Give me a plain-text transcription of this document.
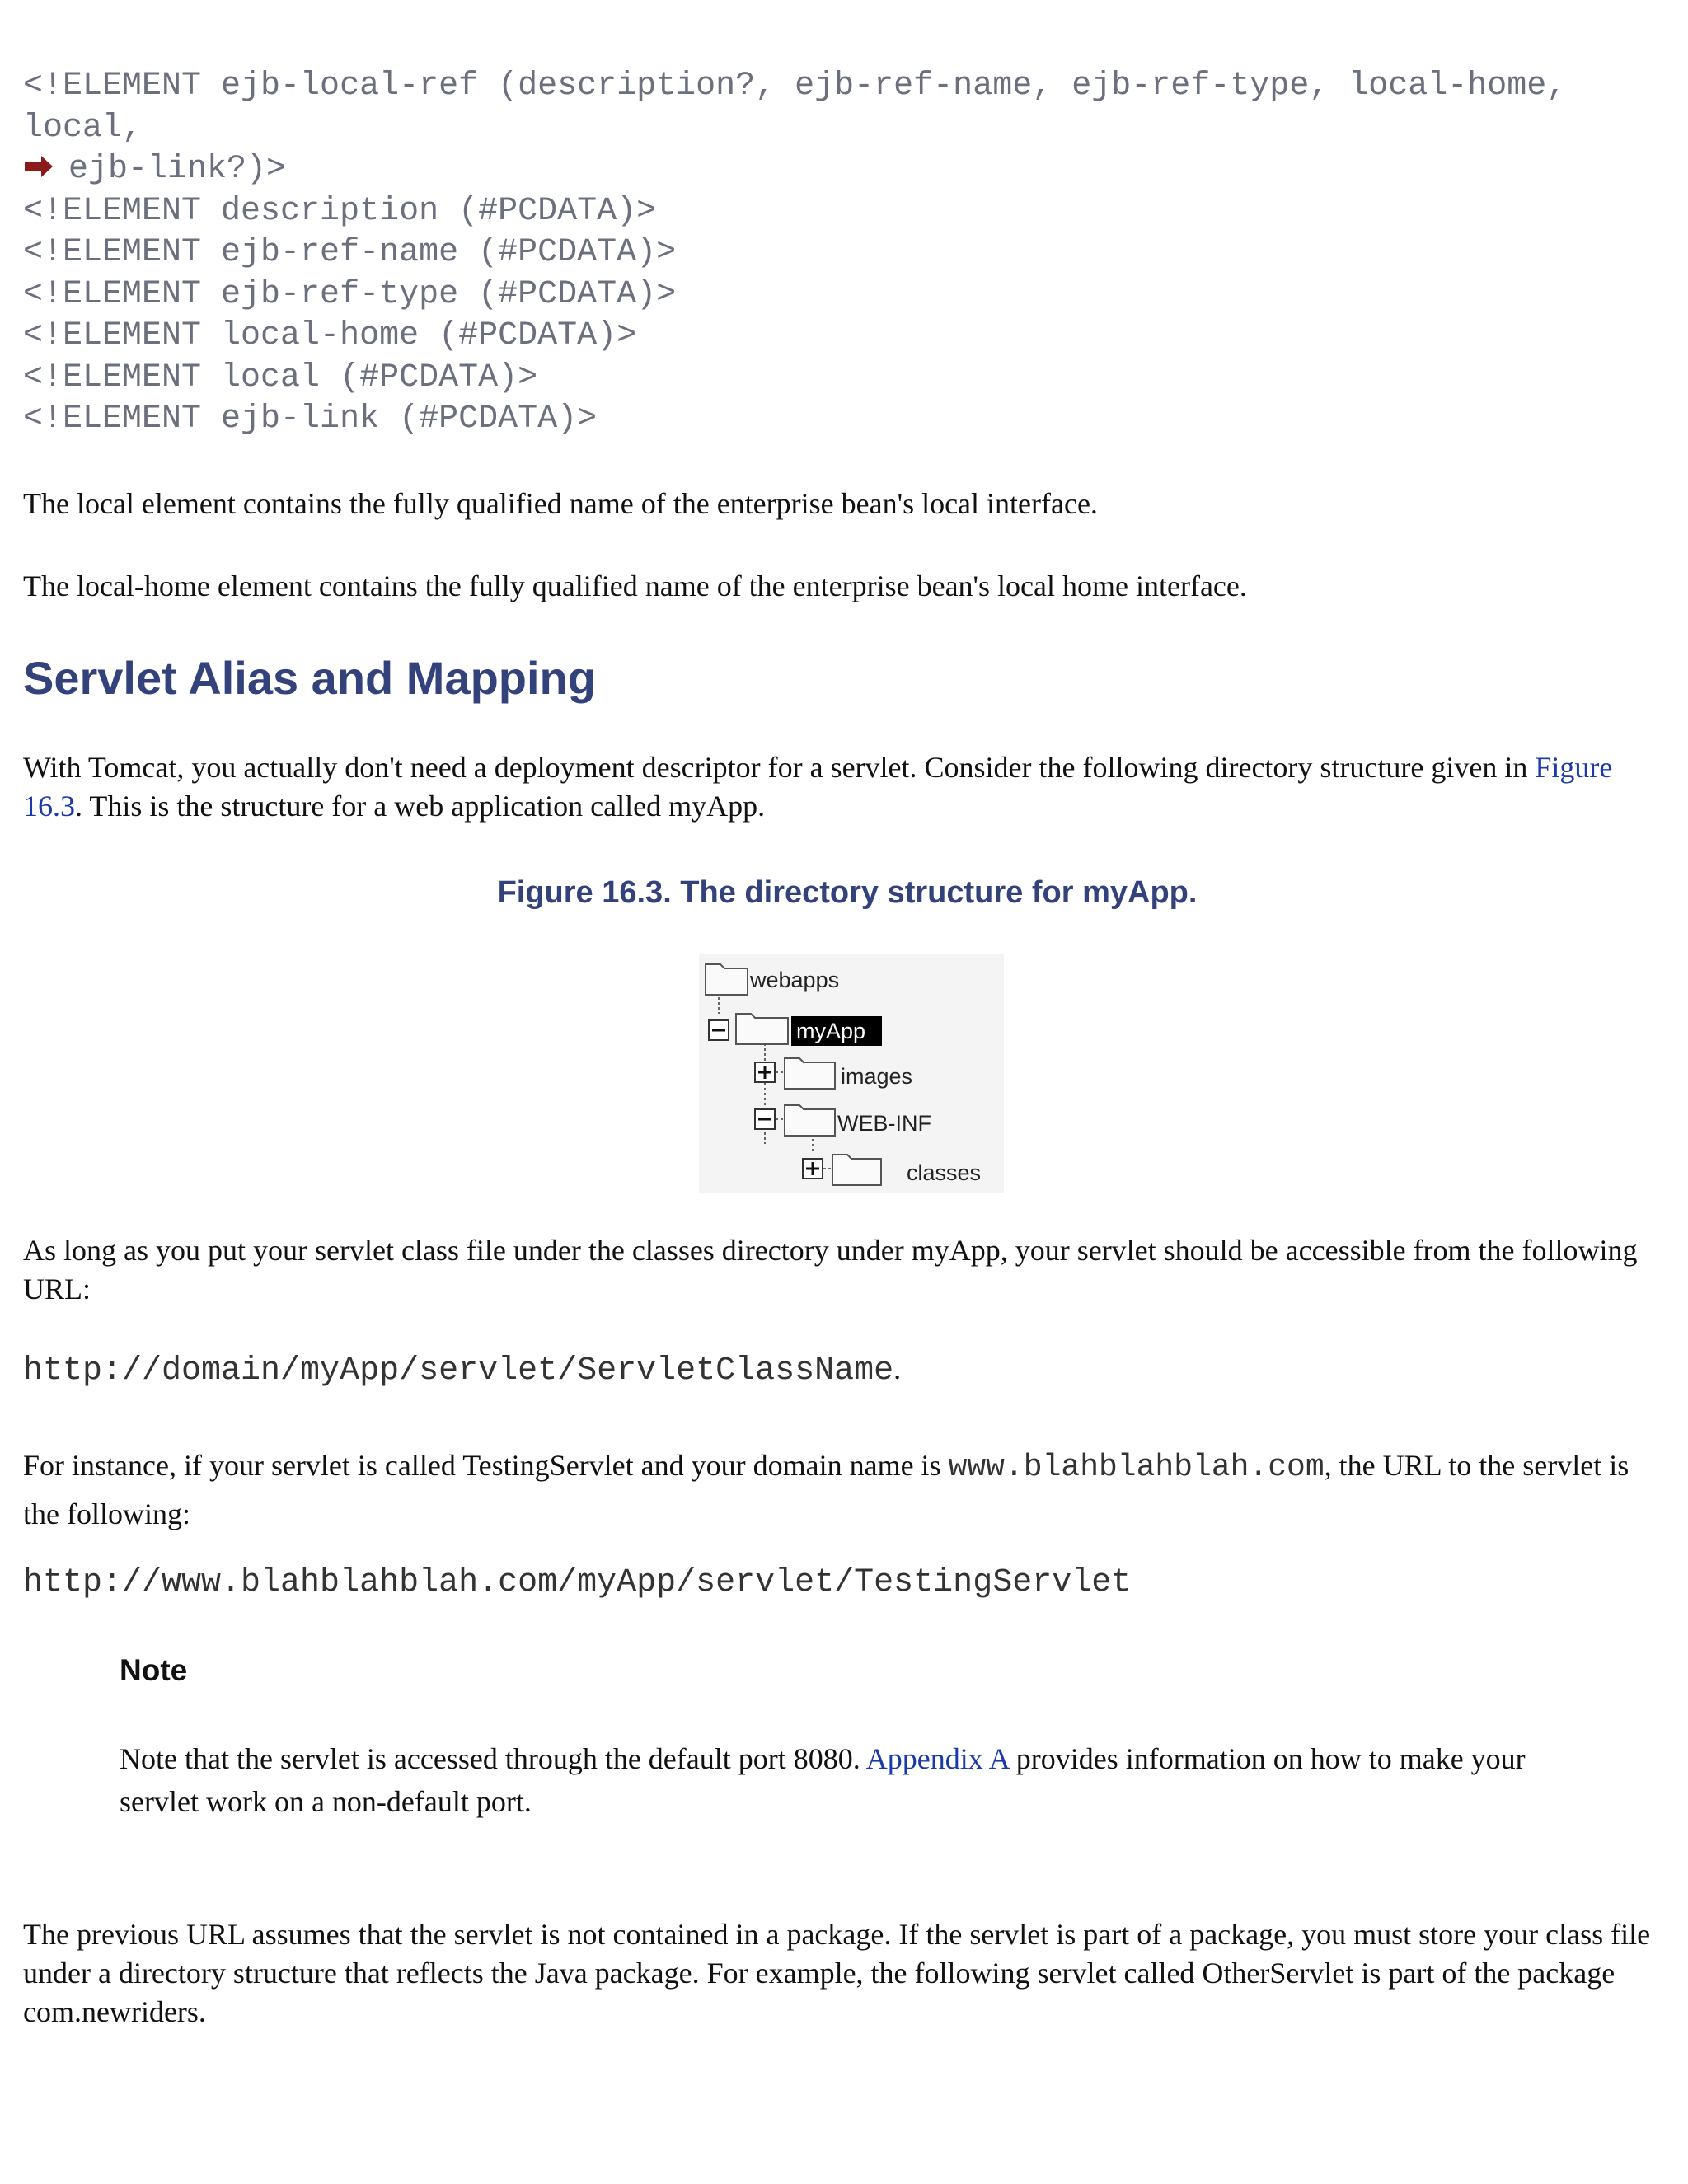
<!ELEMENT ejb-local-ref (description?, ejb-ref-name, ejb-ref-type, local-home,
local,
ejb-link?)>
<!ELEMENT description (#PCDATA)>
<!ELEMENT ejb-ref-name (#PCDATA)>
<!ELEMENT ejb-ref-type (#PCDATA)>
<!ELEMENT local-home (#PCDATA)>
<!ELEMENT local (#PCDATA)>
<!ELEMENT ejb-link (#PCDATA)>

The local element contains the fully qualified name of the enterprise bean's local interface.

The local-home element contains the fully qualified name of the enterprise bean's local home interface.

Servlet Alias and Mapping

With Tomcat, you actually don't need a deployment descriptor for a servlet. Consider the following directory structure given in Figure 16.3. This is the structure for a web application called myApp.

Figure 16.3. The directory structure for myApp.

webapps
myApp
images
WEB-INF
classes

As long as you put your servlet class file under the classes directory under myApp, your servlet should be accessible from the following URL:

http://domain/myApp/servlet/ServletClassName.

For instance, if your servlet is called TestingServlet and your domain name is www.blahblahblah.com, the URL to the servlet is the following:

http://www.blahblahblah.com/myApp/servlet/TestingServlet

Note

Note that the servlet is accessed through the default port 8080. Appendix A provides information on how to make your servlet work on a non-default port.

The previous URL assumes that the servlet is not contained in a package. If the servlet is part of a package, you must store your class file under a directory structure that reflects the Java package. For example, the following servlet called OtherServlet is part of the package com.newriders.
